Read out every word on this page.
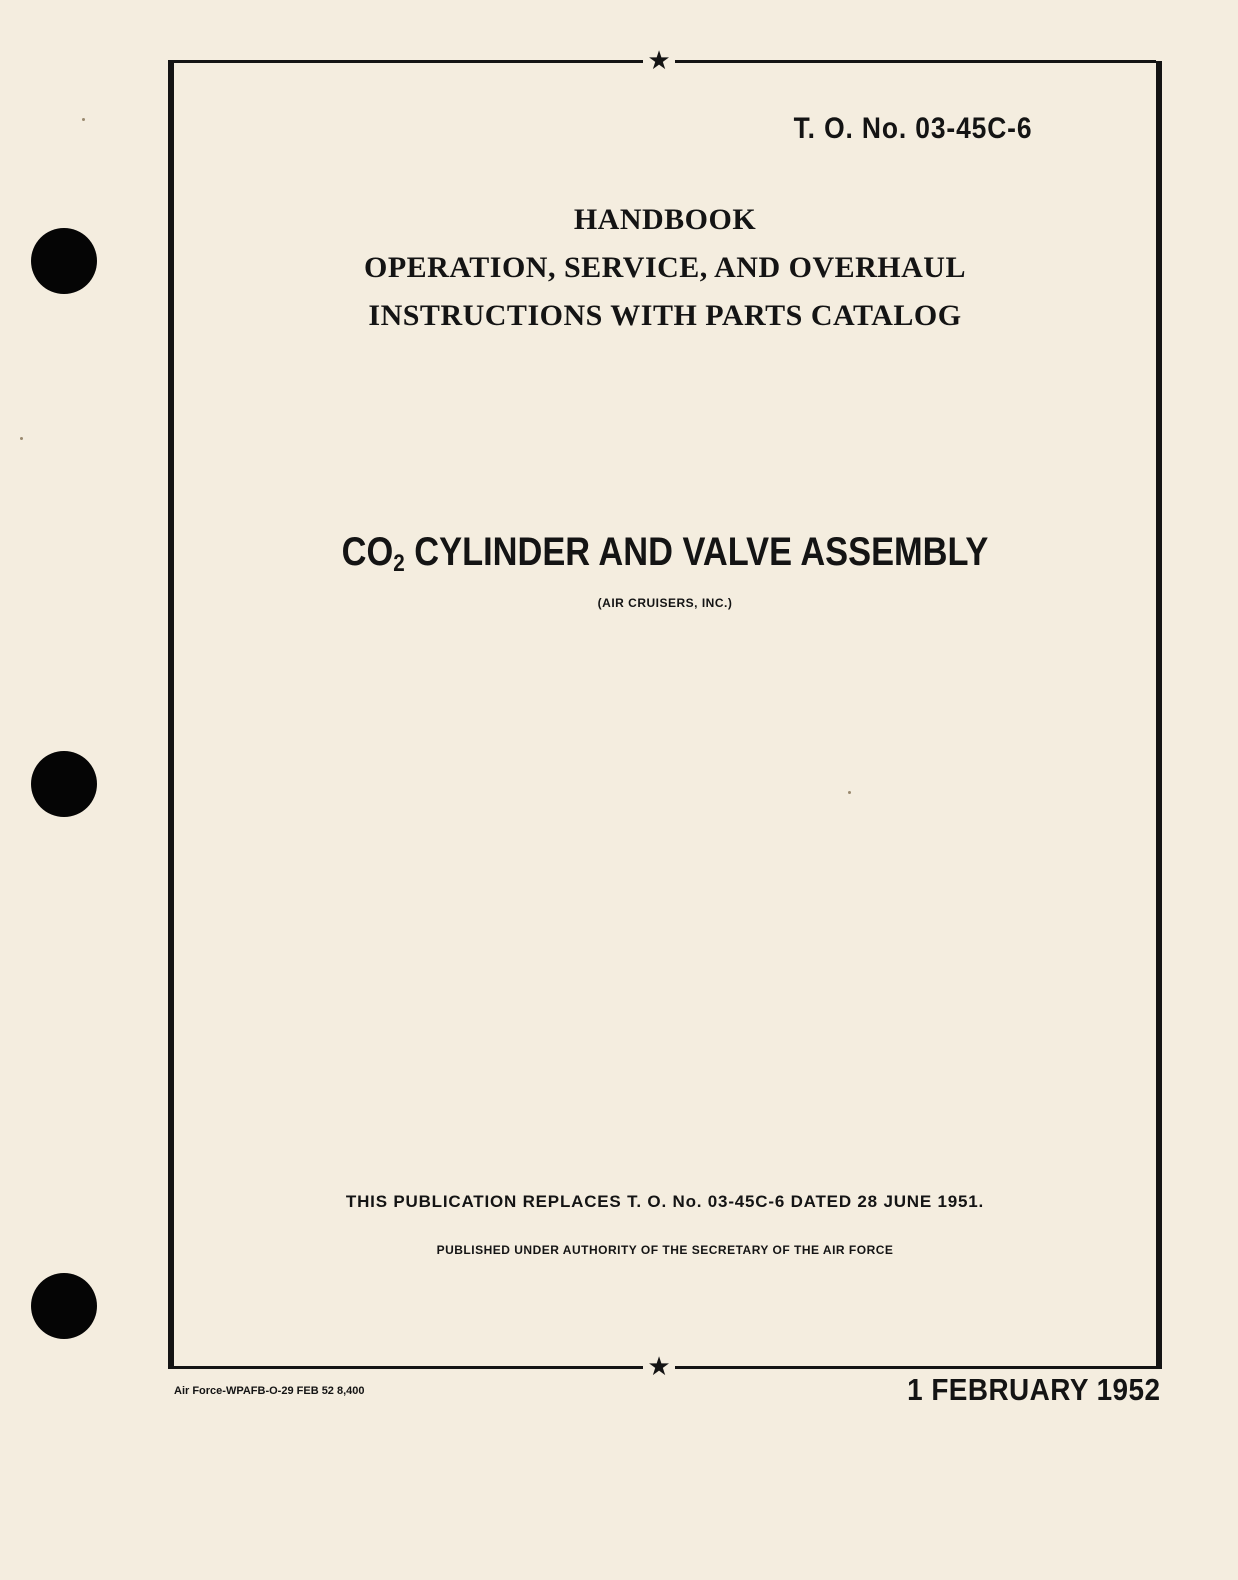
★
★
T. O. No. 03-45C-6
HANDBOOK
OPERATION, SERVICE, AND OVERHAUL
INSTRUCTIONS WITH PARTS CATALOG
$CO_2$ CYLINDER AND VALVE ASSEMBLY
(AIR CRUISERS, INC.)
THIS PUBLICATION REPLACES T. O. No. 03-45C-6 DATED 28 JUNE 1951.
PUBLISHED UNDER AUTHORITY OF THE SECRETARY OF THE AIR FORCE
Air Force-WPAFB-O-29 FEB 52 8,400	1 FEBRUARY 1952
